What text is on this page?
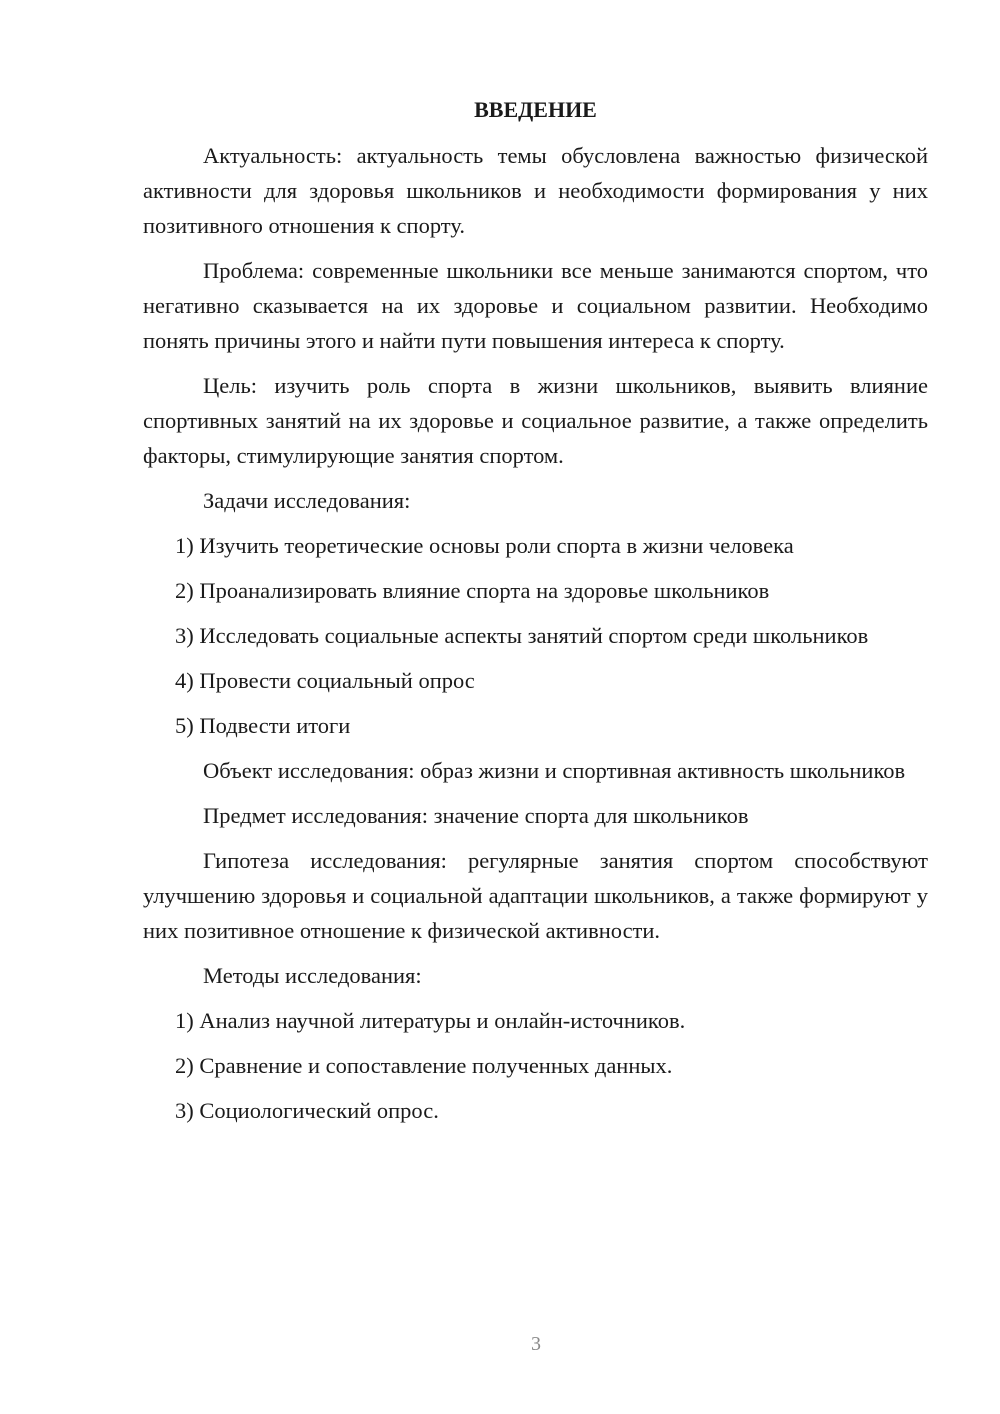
ВВЕДЕНИЕ
Актуальность: актуальность темы обусловлена важностью физической активности для здоровья школьников и необходимости формирования у них позитивного отношения к спорту.
Проблема: современные школьники все меньше занимаются спортом, что негативно сказывается на их здоровье и социальном развитии. Необходимо понять причины этого и найти пути повышения интереса к спорту.
Цель: изучить роль спорта в жизни школьников, выявить влияние спортивных занятий на их здоровье и социальное развитие, а также определить факторы, стимулирующие занятия спортом.
Задачи исследования:
1) Изучить теоретические основы роли спорта в жизни человека
2) Проанализировать влияние спорта на здоровье школьников
3) Исследовать социальные аспекты занятий спортом среди школьников
4) Провести социальный опрос
5) Подвести итоги
Объект исследования: образ жизни и спортивная активность школьников
Предмет исследования: значение спорта для школьников
Гипотеза исследования: регулярные занятия спортом способствуют улучшению здоровья и социальной адаптации школьников, а также формируют у них позитивное отношение к физической активности.
Методы исследования:
1) Анализ научной литературы и онлайн-источников.
2) Сравнение и сопоставление полученных данных.
3) Социологический опрос.
3
